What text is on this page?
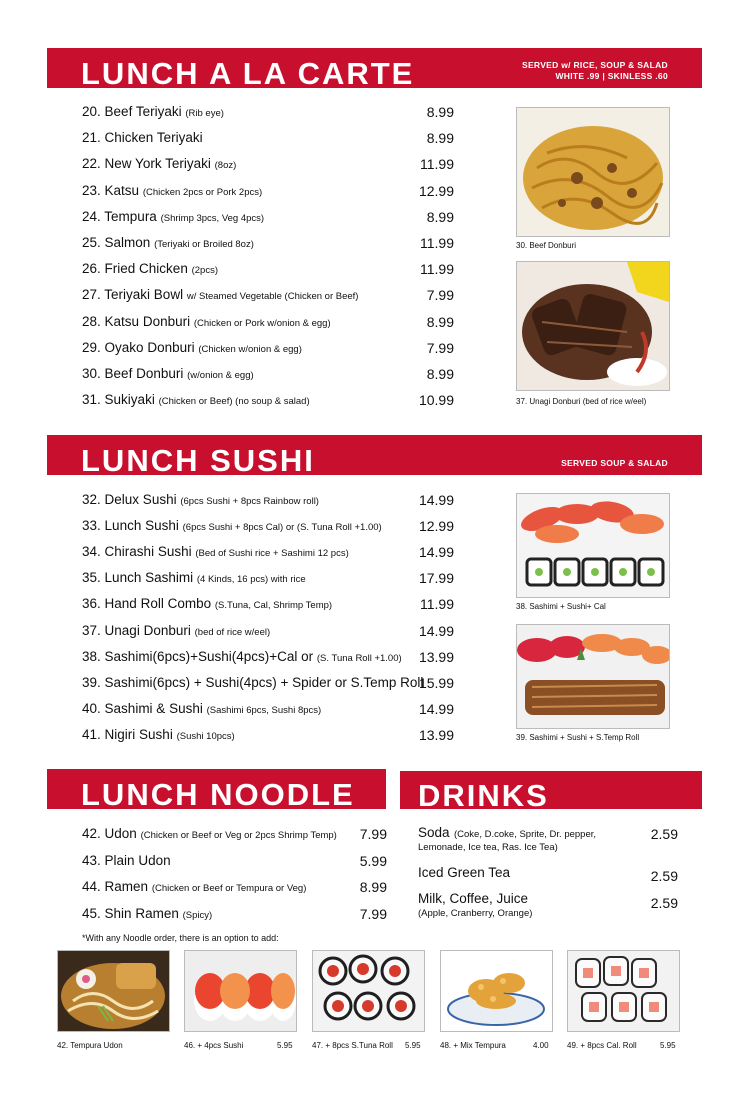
LUNCH A LA CARTE	SERVED w/ RICE, SOUP & SALAD
WHITE .99 | SKINLESS .60
20. Beef Teriyaki (Rib eye)	8.99
21. Chicken Teriyaki	8.99
22. New York Teriyaki (8oz)	11.99
23. Katsu (Chicken 2pcs or Pork 2pcs)	12.99
24. Tempura (Shrimp 3pcs, Veg 4pcs)	8.99
25. Salmon (Teriyaki or Broiled 8oz)	11.99
26. Fried Chicken (2pcs)	11.99
27. Teriyaki Bowl w/ Steamed Vegetable (Chicken or Beef)	7.99
28. Katsu Donburi (Chicken or Pork w/onion & egg)	8.99
29. Oyako Donburi (Chicken w/onion & egg)	7.99
30. Beef Donburi (w/onion & egg)	8.99
31. Sukiyaki (Chicken or Beef) (no soup & salad)	10.99
30. Beef Donburi
37. Unagi Donburi (bed of rice w/eel)
LUNCH SUSHI	SERVED SOUP & SALAD
32. Delux Sushi (6pcs Sushi + 8pcs Rainbow roll)	14.99
33. Lunch Sushi (6pcs Sushi + 8pcs Cal) or (S. Tuna Roll +1.00)	12.99
34. Chirashi Sushi (Bed of Sushi rice + Sashimi 12 pcs)	14.99
35. Lunch Sashimi (4 Kinds, 16 pcs) with rice	17.99
36. Hand Roll Combo (S.Tuna, Cal, Shrimp Temp)	11.99
37. Unagi Donburi (bed of rice w/eel)	14.99
38. Sashimi(6pcs)+Sushi(4pcs)+Cal or (S. Tuna Roll +1.00)	13.99
39. Sashimi(6pcs) + Sushi(4pcs) + Spider or S.Temp Roll
15.99
40. Sashimi & Sushi (Sashimi 6pcs, Sushi 8pcs)	14.99
41. Nigiri Sushi (Sushi 10pcs)	13.99
38. Sashimi + Sushi+ Cal
39. Sashimi + Sushi + S.Temp Roll
LUNCH NOODLE
42. Udon (Chicken or Beef or Veg or 2pcs Shrimp Temp)	7.99
43. Plain Udon	5.99
44. Ramen (Chicken or Beef or Tempura or Veg)	8.99
45. Shin Ramen (Spicy)	7.99
DRINKS
Soda (Coke, D.coke, Sprite, Dr. pepper,
Lemonade, Ice tea, Ras. Ice Tea)
2.59
Iced Green Tea	2.59
Milk, Coffee, Juice
(Apple, Cranberry, Orange)
2.59
*With any Noodle order, there is an option to add:
42. Tempura Udon	46. + 4pcs Sushi	5.95 47. + 8pcs S.Tuna Roll 5.95 48. + Mix Tempura	4.00 49. + 8pcs Cal. Roll	5.95
